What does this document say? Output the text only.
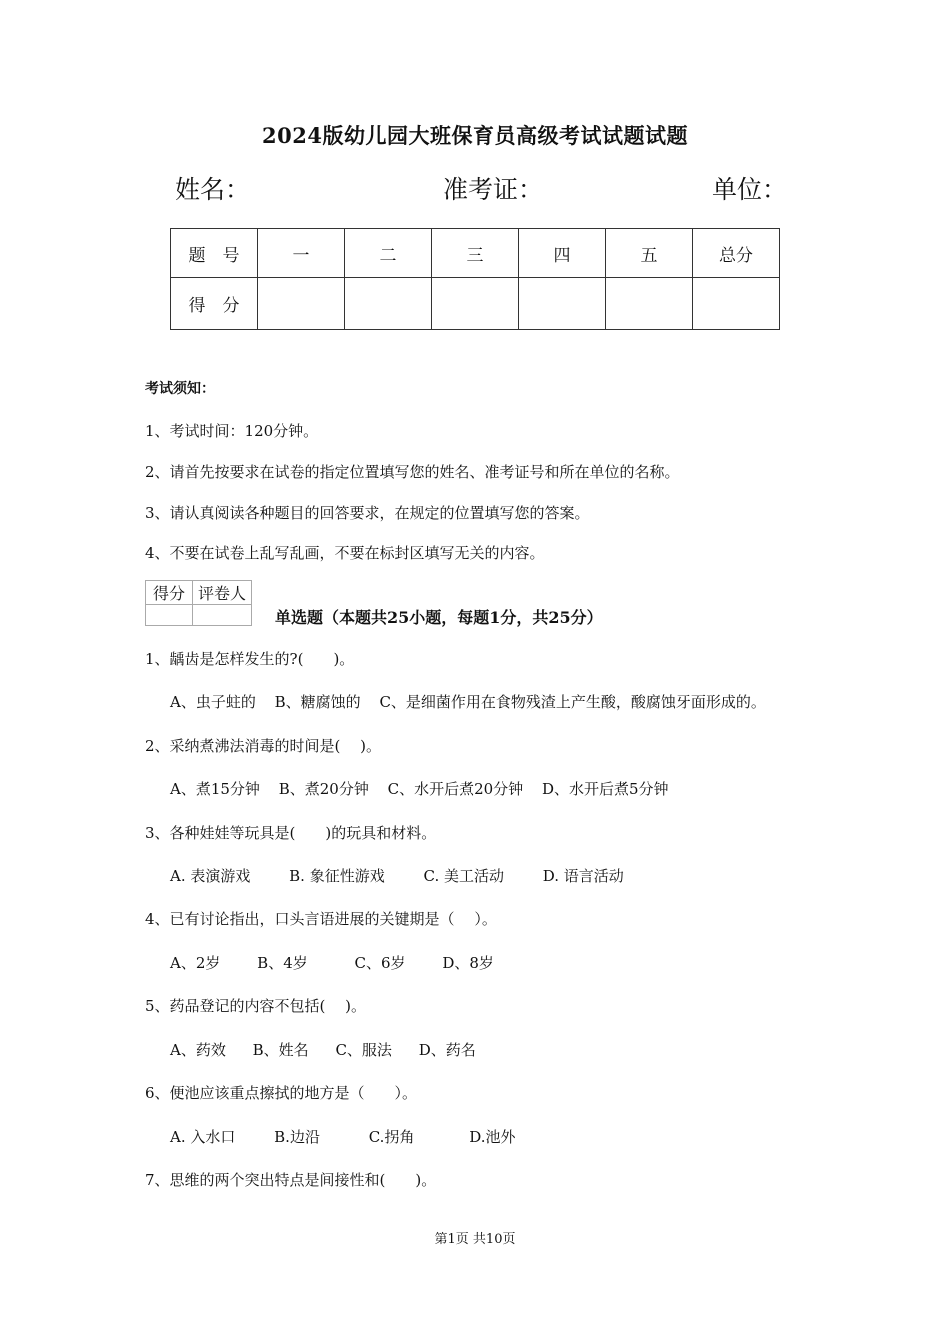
2024版幼儿园大班保育员高级考试试题试题
姓名：	准考证：	单位：
题　号	一	二	三	四	五	总分
得　分						
考试须知：
1、考试时间：120分钟。
2、请首先按要求在试卷的指定位置填写您的姓名、准考证号和所在单位的名称。
3、请认真阅读各种题目的回答要求，在规定的位置填写您的答案。
4、不要在试卷上乱写乱画，不要在标封区填写无关的内容。
得分	评卷人

单选题（本题共25小题，每题1分，共25分）
1、龋齿是怎样发生的?(　　)。
A、虫子蛀的 B、糖腐蚀的 C、是细菌作用在食物残渣上产生酸，酸腐蚀牙面形成的。
2、采纳煮沸法消毒的时间是(　 )。
A、煮15分钟 B、煮20分钟 C、水开后煮20分钟 D、水开后煮5分钟
3、各种娃娃等玩具是(　　)的玩具和材料。
A. 表演游戏	B. 象征性游戏	C. 美工活动	D. 语言活动
4、已有讨论指出，口头言语进展的关键期是（　 ）。
A、2岁 B、4岁	C、6岁 D、8岁
5、药品登记的内容不包括(　 )。
A、药效 B、姓名 C、服法 D、药名
6、便池应该重点擦拭的地方是（　　）。
A. 入水口	B.边沿	C.拐角	D.池外
7、思维的两个突出特点是间接性和(　　)。
第1页 共10页
